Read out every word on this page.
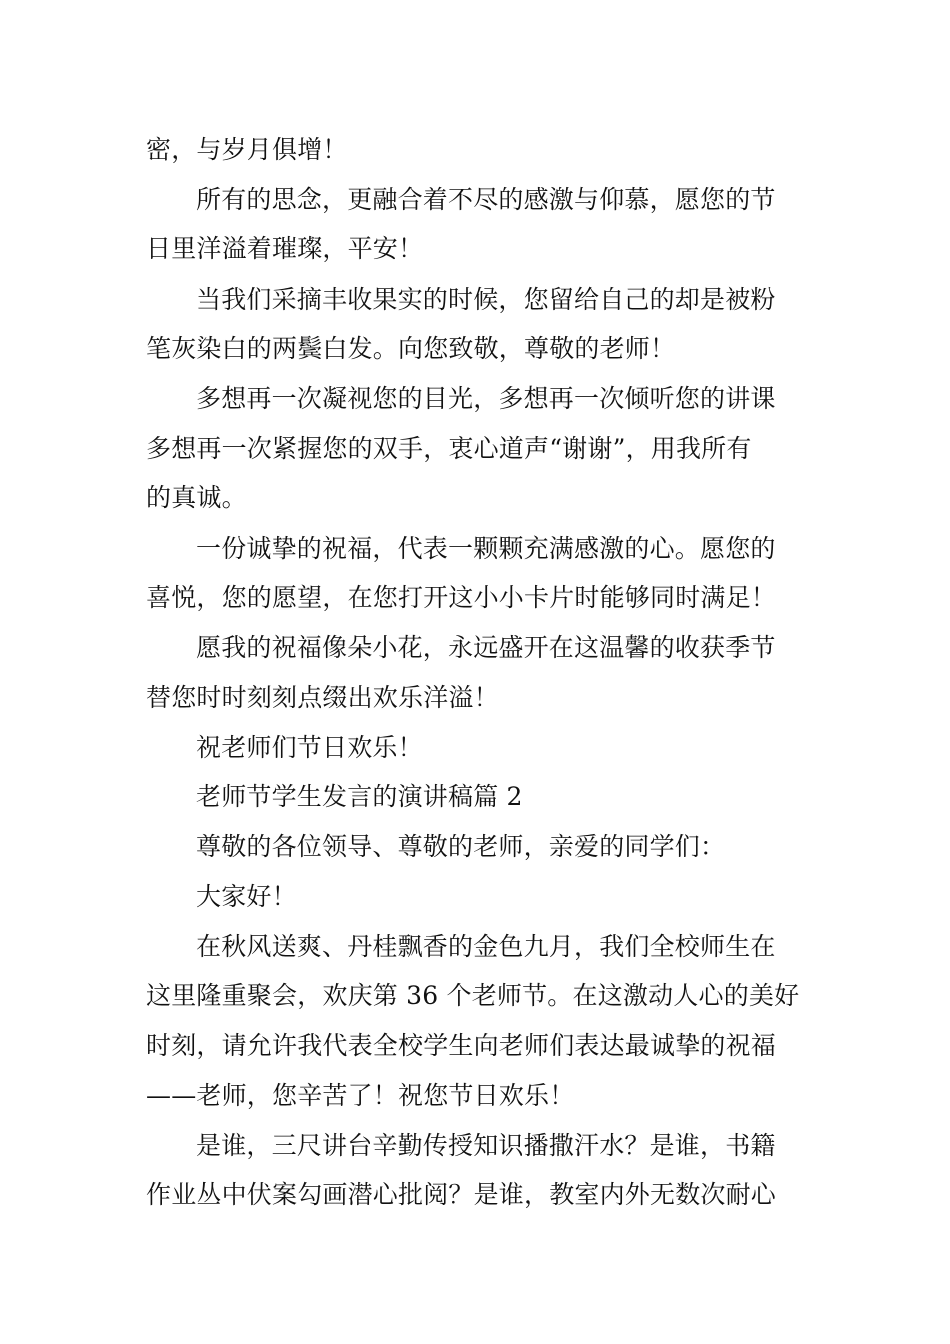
密，与岁月俱增！
所有的思念，更融合着不尽的感激与仰慕，愿您的节
日里洋溢着璀璨，平安！
当我们采摘丰收果实的时候，您留给自己的却是被粉
笔灰染白的两鬓白发。向您致敬，尊敬的老师！
多想再一次凝视您的目光，多想再一次倾听您的讲课
多想再一次紧握您的双手，衷心道声“谢谢”，用我所有
的真诚。
一份诚挚的祝福，代表一颗颗充满感激的心。愿您的
喜悦，您的愿望，在您打开这小小卡片时能够同时满足！
愿我的祝福像朵小花，永远盛开在这温馨的收获季节
替您时时刻刻点缀出欢乐洋溢！
祝老师们节日欢乐！
老师节学生发言的演讲稿篇 2
尊敬的各位领导、尊敬的老师，亲爱的同学们：
大家好！
在秋风送爽、丹桂飘香的金色九月，我们全校师生在
这里隆重聚会，欢庆第 36 个老师节。在这激动人心的美好
时刻，请允许我代表全校学生向老师们表达最诚挚的祝福
——老师，您辛苦了！祝您节日欢乐！
是谁，三尺讲台辛勤传授知识播撒汗水？是谁，书籍
作业丛中伏案勾画潜心批阅？是谁，教室内外无数次耐心
